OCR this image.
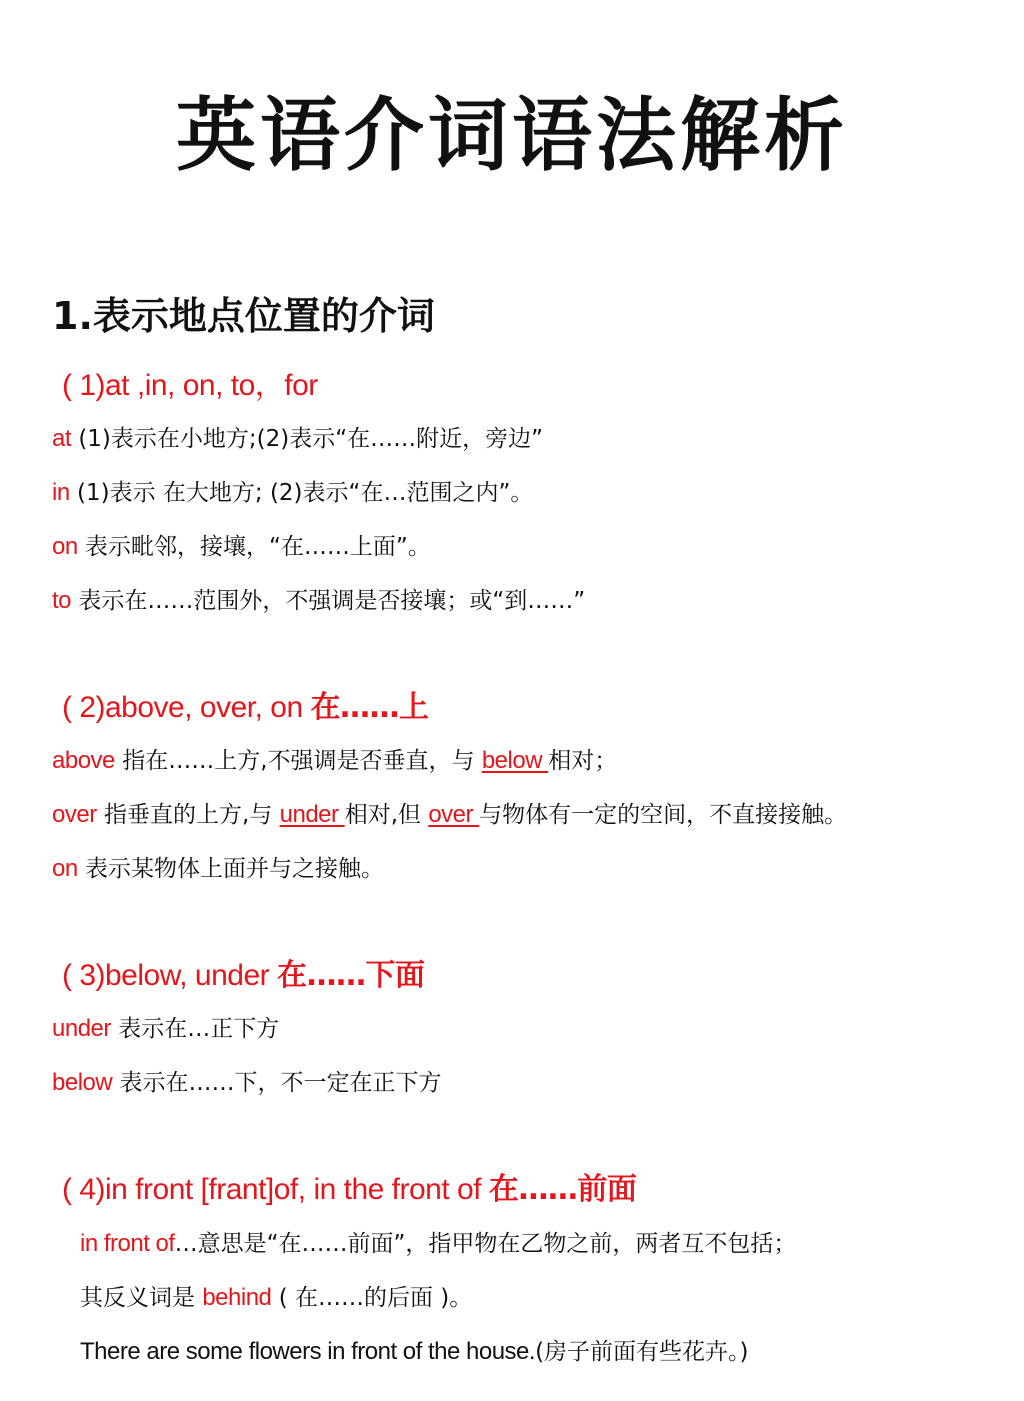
英语介词语法解析
1.表示地点位置的介词
( 1)at ,in, on, to，for
at (1)表示在小地方;(2)表示“在……附近，旁边”
in (1)表示 在大地方; (2)表示“在…范围之内”。
on 表示毗邻，接壤，“在……上面”。
to 表示在……范围外，不强调是否接壤；或“到……”
( 2)above, over, on 在……上
above 指在……上方,不强调是否垂直，与 below 相对；
over 指垂直的上方,与 under 相对,但 over 与物体有一定的空间，不直接接触。
on 表示某物体上面并与之接触。
( 3)below, under 在……下面
under 表示在…正下方
below 表示在……下，不一定在正下方
( 4)in front [frant]of, in the front of 在……前面
in front of…意思是“在……前面”，指甲物在乙物之前，两者互不包括；
其反义词是 behind ( 在……的后面 )。
There are some flowers in front of the house.(房子前面有些花卉。)
